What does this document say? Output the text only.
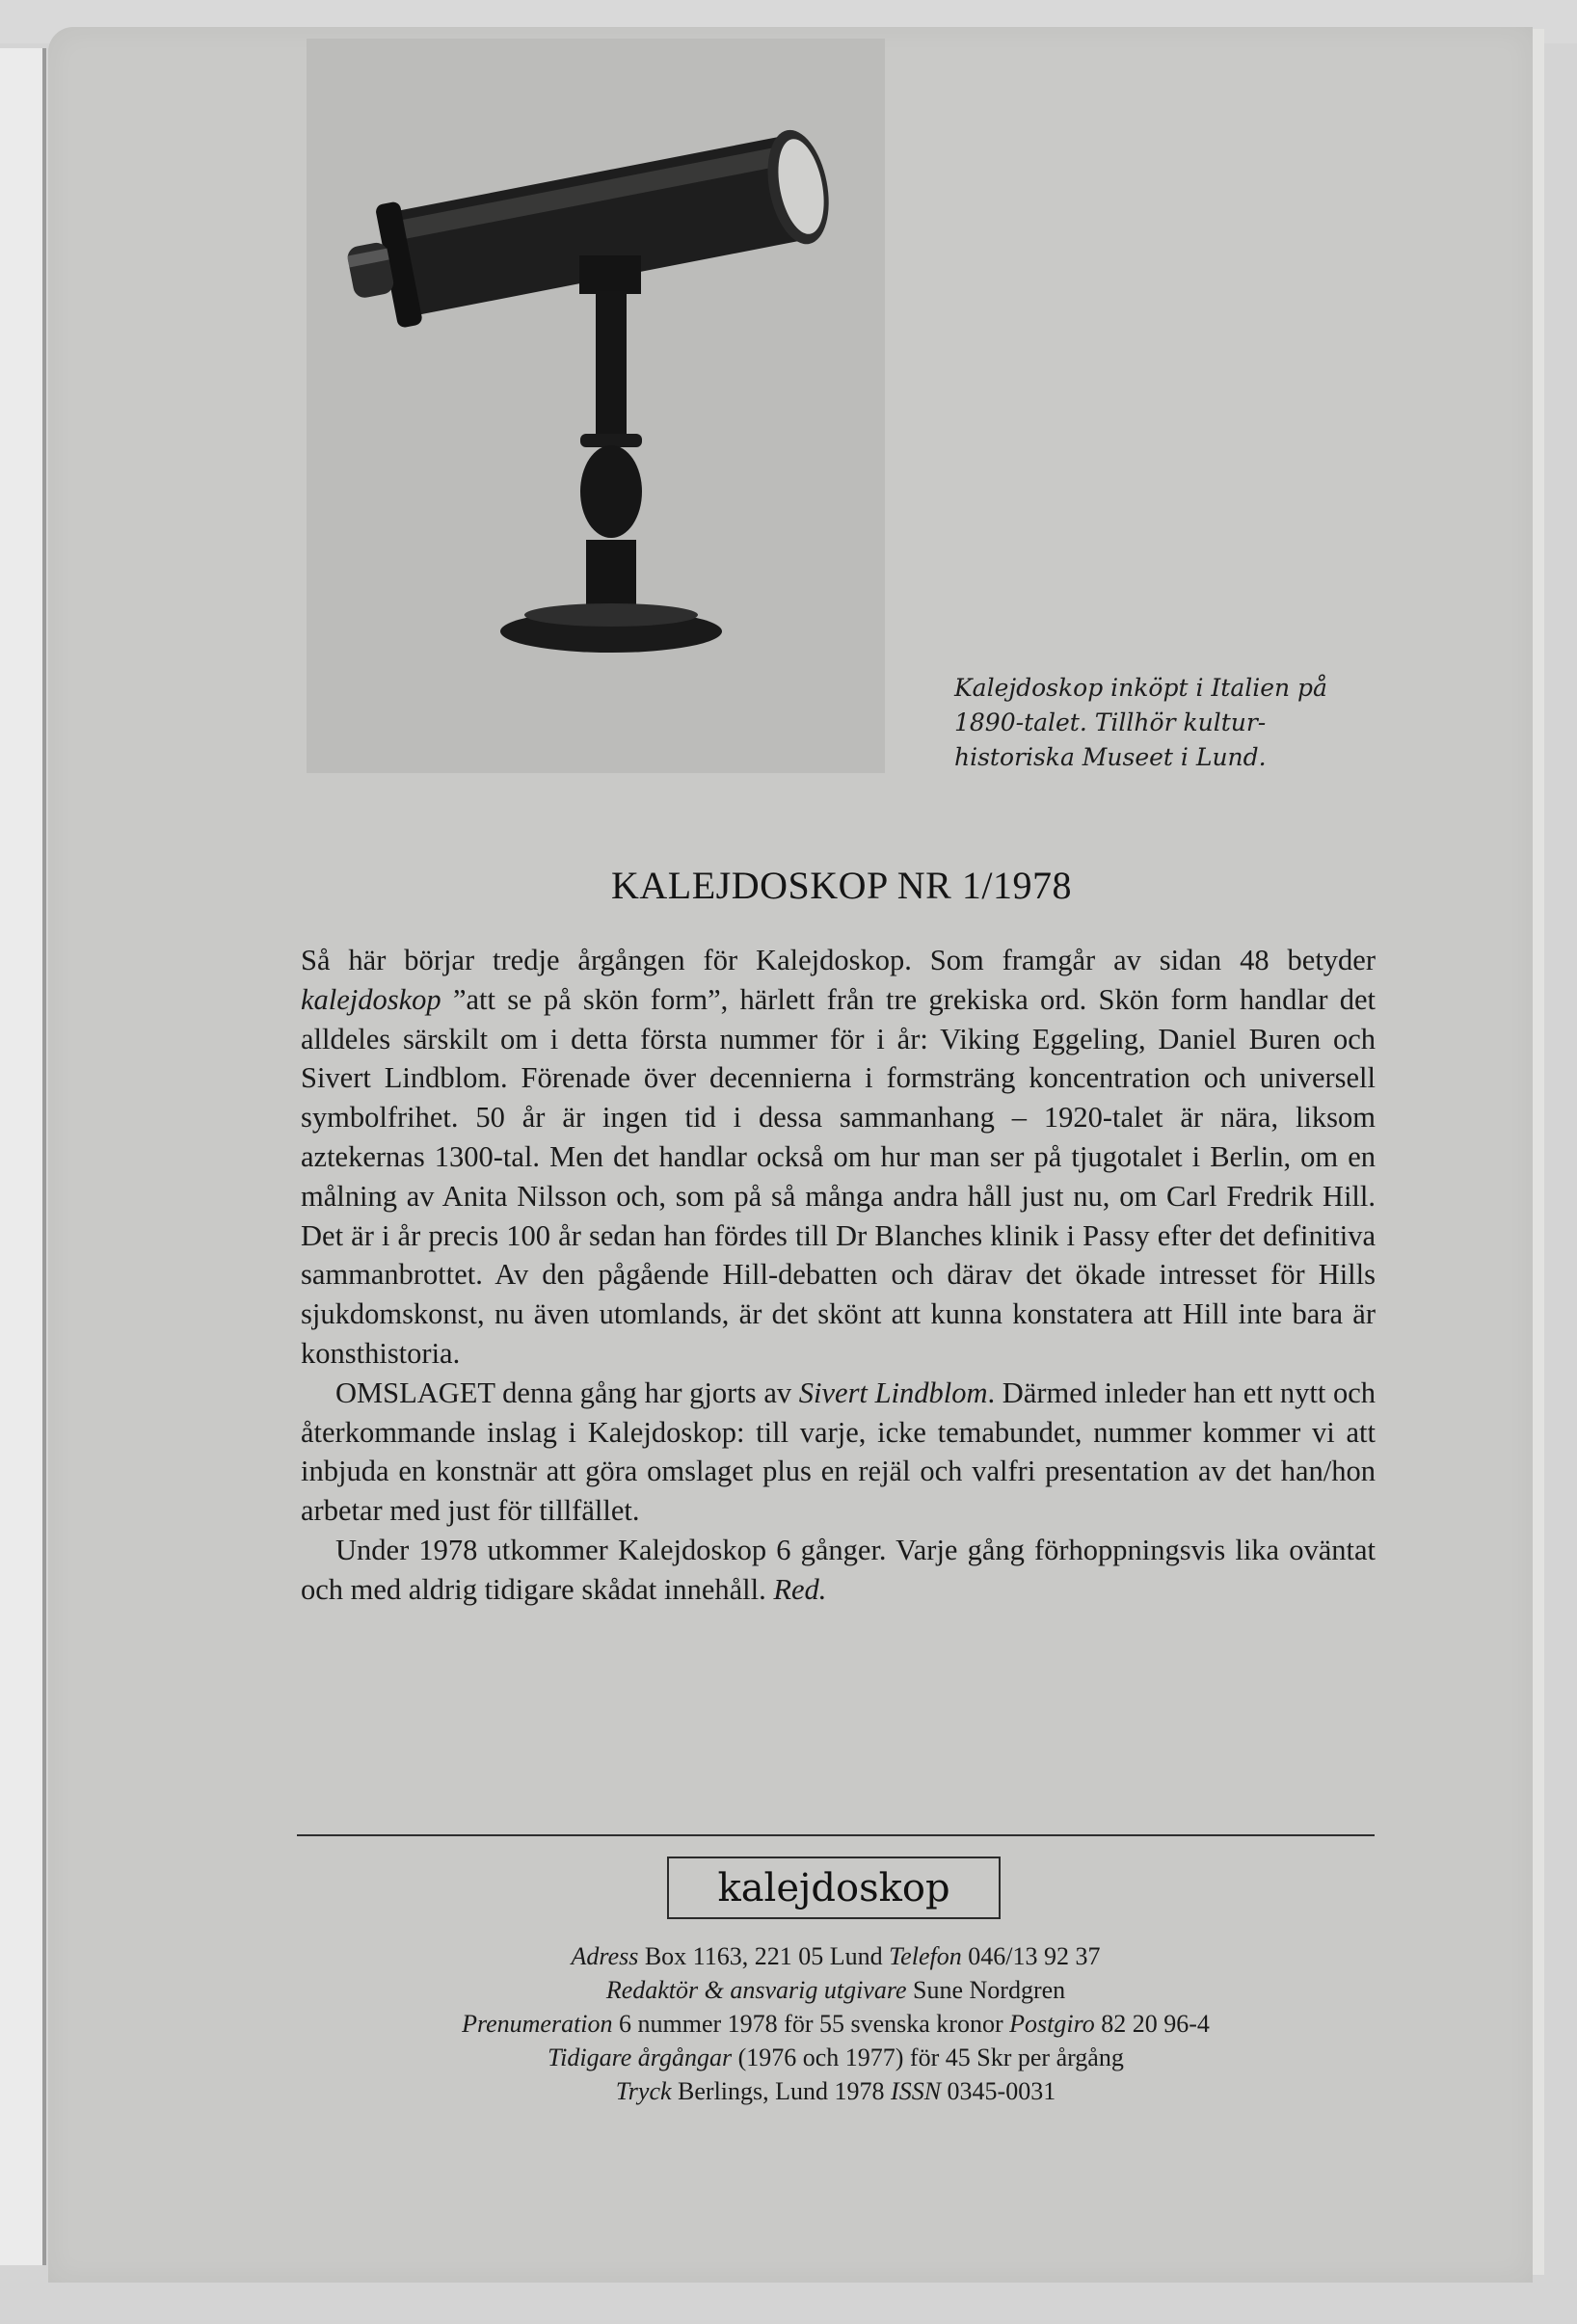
Kalejdoskop inköpt i Italien på
1890-talet. Tillhör kultur-
historiska Museet i Lund.
KALEJDOSKOP NR 1/1978

Så här börjar tredje årgången för Kalejdoskop. Som framgår av sidan 48 betyder kalejdoskop ”att se på skön form”, härlett från tre grekiska ord. Skön form handlar det alldeles särskilt om i detta första nummer för i år: Viking Eggeling, Daniel Buren och Sivert Lindblom. Förenade över decennierna i formsträng koncentration och universell symbolfrihet. 50 år är ingen tid i dessa sammanhang – 1920-talet är nära, liksom aztekernas 1300-tal. Men det handlar också om hur man ser på tjugotalet i Berlin, om en målning av Anita Nilsson och, som på så många andra håll just nu, om Carl Fredrik Hill. Det är i år precis 100 år sedan han fördes till Dr Blanches klinik i Passy efter det definitiva sammanbrottet. Av den pågående Hill-debatten och därav det ökade intresset för Hills sjukdomskonst, nu även utomlands, är det skönt att kunna konstatera att Hill inte bara är konsthistoria.

OMSLAGET denna gång har gjorts av Sivert Lindblom. Därmed inleder han ett nytt och återkommande inslag i Kalejdoskop: till varje, icke temabundet, nummer kommer vi att inbjuda en konstnär att göra omslaget plus en rejäl och valfri presentation av det han/hon arbetar med just för tillfället.

Under 1978 utkommer Kalejdoskop 6 gånger. Varje gång förhoppningsvis lika oväntat och med aldrig tidigare skådat innehåll. Red.

kalejdoskop
Adress Box 1163, 221 05 Lund Telefon 046/13 92 37
Redaktör & ansvarig utgivare Sune Nordgren
Prenumeration 6 nummer 1978 för 55 svenska kronor Postgiro 82 20 96-4
Tidigare årgångar (1976 och 1977) för 45 Skr per årgång
Tryck Berlings, Lund 1978 ISSN 0345-0031
